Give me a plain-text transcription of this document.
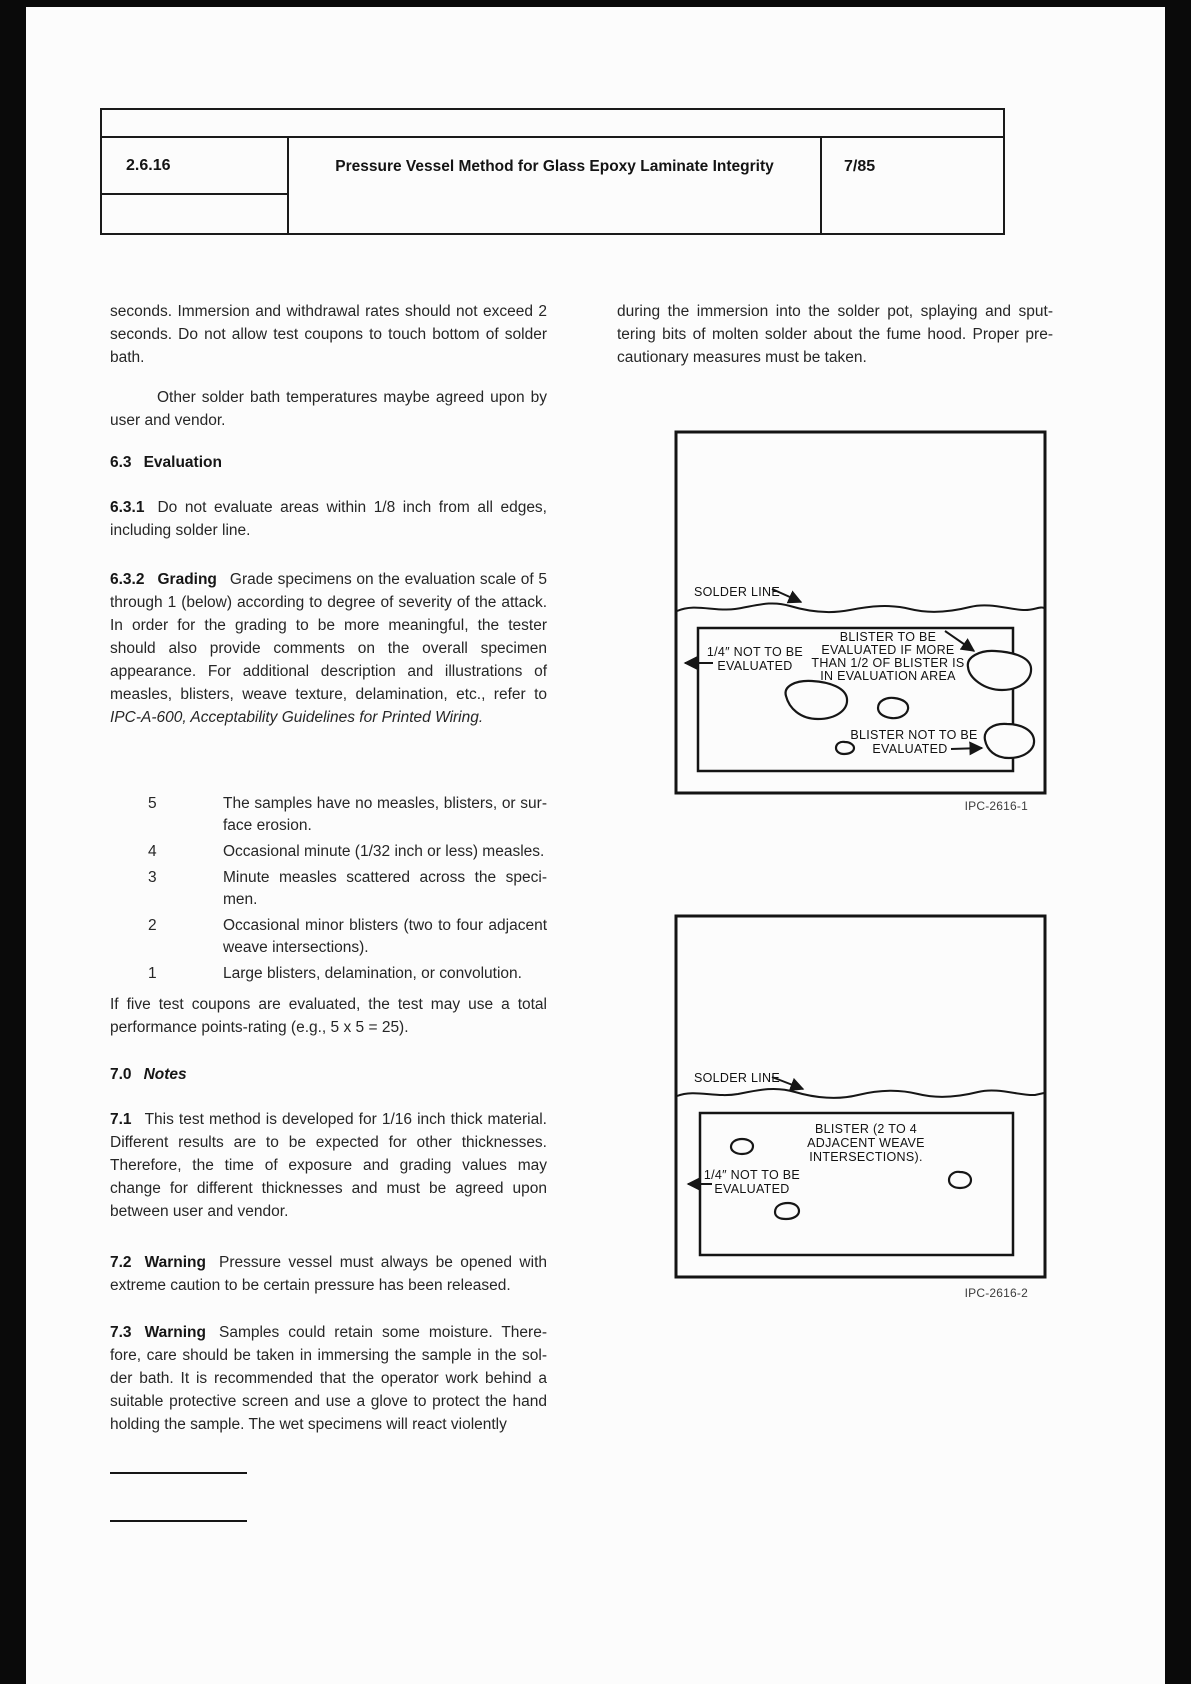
2.6.16	Pressure Vessel Method for Glass Epoxy Laminate Integrity	7/85

seconds. Immersion and withdrawal rates should not exceed 2 seconds. Do not allow test coupons to touch bottom of solder bath.

Other solder bath temperatures maybe agreed upon by user and vendor.

6.3 Evaluation

6.3.1 Do not evaluate areas within 1/8 inch from all edges, including solder line.

6.3.2 Grading Grade specimens on the evaluation scale of 5 through 1 (below) according to degree of severity of the attack. In order for the grading to be more meaningful, the tester should also provide comments on the overall specimen appearance. For additional description and illustrations of measles, blisters, weave texture, delamination, etc., refer to IPC-A-600, Acceptability Guidelines for Printed Wiring.

5	The samples have no measles, blisters, or surface erosion.
4	Occasional minute (1/32 inch or less) measles.
3	Minute measles scattered across the specimen.
2	Occasional minor blisters (two to four adjacent weave intersections).
1	Large blisters, delamination, or convolution.

If five test coupons are evaluated, the test may use a total performance points-rating (e.g., 5 x 5 = 25).

7.0 Notes

7.1 This test method is developed for 1/16 inch thick material. Different results are to be expected for other thicknesses. Therefore, the time of exposure and grading values may change for different thicknesses and must be agreed upon between user and vendor.

7.2 Warning Pressure vessel must always be opened with extreme caution to be certain pressure has been released.

7.3 Warning Samples could retain some moisture. Therefore, care should be taken in immersing the sample in the solder bath. It is recommended that the operator work behind a suitable protective screen and use a glove to protect the hand holding the sample. The wet specimens will react violently

during the immersion into the solder pot, splaying and sputtering bits of molten solder about the fume hood. Proper precautionary measures must be taken.

SOLDER LINE
1/4″ NOT TO BE
EVALUATED
BLISTER TO BE
EVALUATED IF MORE
THAN 1/2 OF BLISTER IS
IN EVALUATION AREA
BLISTER NOT TO BE
EVALUATED
IPC-2616-1
SOLDER LINE
BLISTER (2 TO 4
ADJACENT WEAVE
INTERSECTIONS).
1/4″ NOT TO BE
EVALUATED
IPC-2616-2
